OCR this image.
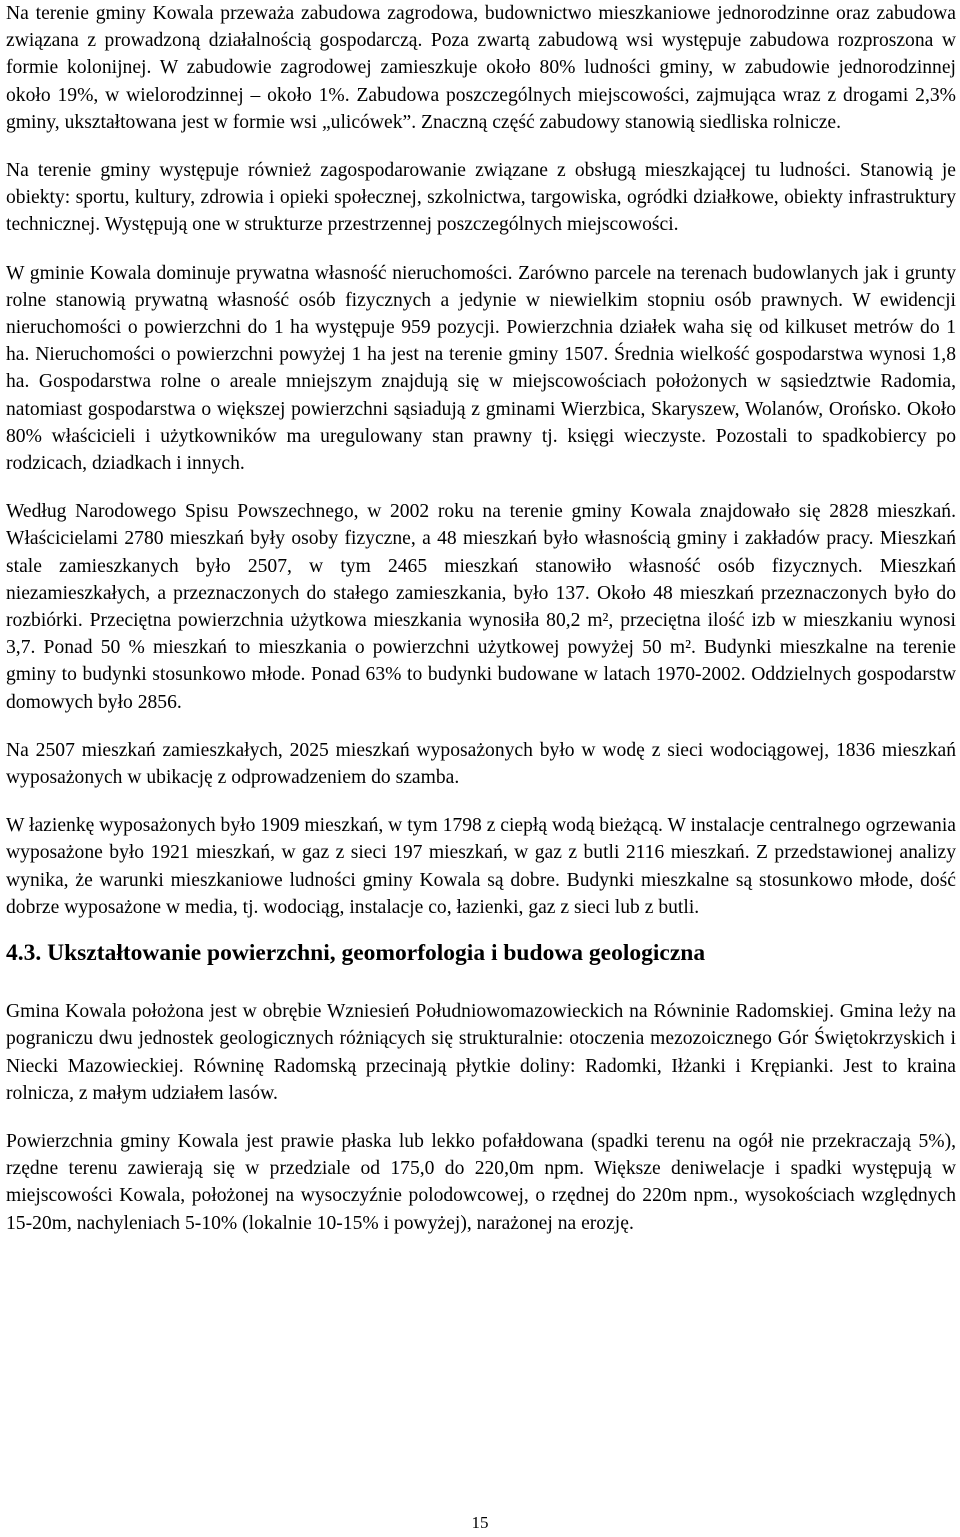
Na terenie gminy Kowala przeważa zabudowa zagrodowa, budownictwo mieszkaniowe jednorodzinne oraz zabudowa związana z prowadzoną działalnością gospodarczą. Poza zwartą zabudową wsi występuje zabudowa rozproszona w formie kolonijnej. W zabudowie zagrodowej zamieszkuje około 80% ludności gminy, w zabudowie jednorodzinnej około 19%, w wielorodzinnej – około 1%. Zabudowa poszczególnych miejscowości, zajmująca wraz z drogami 2,3% gminy, ukształtowana jest w formie wsi „ulicówek”. Znaczną część zabudowy stanowią siedliska rolnicze.

Na terenie gminy występuje również zagospodarowanie związane z obsługą mieszkającej tu ludności. Stanowią je obiekty: sportu, kultury, zdrowia i opieki społecznej, szkolnictwa, targowiska, ogródki działkowe, obiekty infrastruktury technicznej. Występują one w strukturze przestrzennej poszczególnych miejscowości.

W gminie Kowala dominuje prywatna własność nieruchomości. Zarówno parcele na terenach budowlanych jak i grunty rolne stanowią prywatną własność osób fizycznych a jedynie w niewielkim stopniu osób prawnych. W ewidencji nieruchomości o powierzchni do 1 ha występuje 959 pozycji. Powierzchnia działek waha się od kilkuset metrów do 1 ha. Nieruchomości o powierzchni powyżej 1 ha jest na terenie gminy 1507. Średnia wielkość gospodarstwa wynosi 1,8 ha. Gospodarstwa rolne o areale mniejszym znajdują się w miejscowościach położonych w sąsiedztwie Radomia, natomiast gospodarstwa o większej powierzchni sąsiadują z gminami Wierzbica, Skaryszew, Wolanów, Orońsko. Około 80% właścicieli i użytkowników ma uregulowany stan prawny tj. księgi wieczyste. Pozostali to spadkobiercy po rodzicach, dziadkach i innych.

Według Narodowego Spisu Powszechnego, w 2002 roku na terenie gminy Kowala znajdowało się 2828 mieszkań. Właścicielami 2780 mieszkań były osoby fizyczne, a 48 mieszkań było własnością gminy i zakładów pracy. Mieszkań stale zamieszkanych było 2507, w tym 2465 mieszkań stanowiło własność osób fizycznych. Mieszkań niezamieszkałych, a przeznaczonych do stałego zamieszkania, było 137. Około 48 mieszkań przeznaczonych było do rozbiórki. Przeciętna powierzchnia użytkowa mieszkania wynosiła 80,2 m², przeciętna ilość izb w mieszkaniu wynosi 3,7. Ponad 50 % mieszkań to mieszkania o powierzchni użytkowej powyżej 50 m². Budynki mieszkalne na terenie gminy to budynki stosunkowo młode. Ponad 63% to budynki budowane w latach 1970-2002. Oddzielnych gospodarstw domowych było 2856.

Na 2507 mieszkań zamieszkałych, 2025 mieszkań wyposażonych było w wodę z sieci wodociągowej, 1836 mieszkań wyposażonych w ubikację z odprowadzeniem do szamba.

W łazienkę wyposażonych było 1909 mieszkań, w tym 1798 z ciepłą wodą bieżącą. W instalacje centralnego ogrzewania wyposażone było 1921 mieszkań, w gaz z sieci 197 mieszkań, w gaz z butli 2116 mieszkań. Z przedstawionej analizy wynika, że warunki mieszkaniowe ludności gminy Kowala są dobre. Budynki mieszkalne są stosunkowo młode, dość dobrze wyposażone w media, tj. wodociąg, instalacje co, łazienki, gaz z sieci lub z butli.

4.3. Ukształtowanie powierzchni, geomorfologia i budowa geologiczna

Gmina Kowala położona jest w obrębie Wzniesień Południowomazowieckich na Równinie Radomskiej. Gmina leży na pograniczu dwu jednostek geologicznych różniących się strukturalnie: otoczenia mezozoicznego Gór Świętokrzyskich i Niecki Mazowieckiej. Równinę Radomską przecinają płytkie doliny: Radomki, Iłżanki i Krępianki. Jest to kraina rolnicza, z małym udziałem lasów.

Powierzchnia gminy Kowala jest prawie płaska lub lekko pofałdowana (spadki terenu na ogół nie przekraczają 5%), rzędne terenu zawierają się w przedziale od 175,0 do 220,0m npm. Większe deniwelacje i spadki występują w miejscowości Kowala, położonej na wysoczyźnie polodowcowej, o rzędnej do 220m npm., wysokościach względnych 15-20m, nachyleniach 5-10% (lokalnie 10-15% i powyżej), narażonej na erozję.

15
